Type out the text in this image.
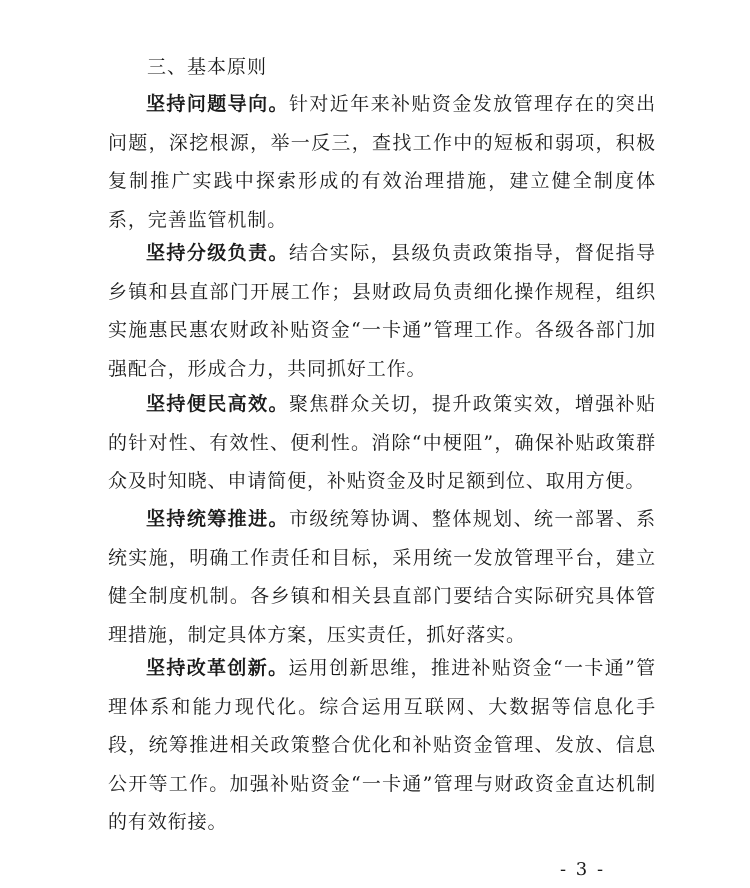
三、基本原则

坚持问题导向。针对近年来补贴资金发放管理存在的突出问题，深挖根源，举一反三，查找工作中的短板和弱项，积极复制推广实践中探索形成的有效治理措施，建立健全制度体系，完善监管机制。

坚持分级负责。结合实际，县级负责政策指导，督促指导乡镇和县直部门开展工作；县财政局负责细化操作规程，组织实施惠民惠农财政补贴资金“一卡通”管理工作。各级各部门加强配合，形成合力，共同抓好工作。

坚持便民高效。聚焦群众关切，提升政策实效，增强补贴的针对性、有效性、便利性。消除“中梗阻”，确保补贴政策群众及时知晓、申请简便，补贴资金及时足额到位、取用方便。

坚持统筹推进。市级统筹协调、整体规划、统一部署、系统实施，明确工作责任和目标，采用统一发放管理平台，建立健全制度机制。各乡镇和相关县直部门要结合实际研究具体管理措施，制定具体方案，压实责任，抓好落实。

坚持改革创新。运用创新思维，推进补贴资金“一卡通”管理体系和能力现代化。综合运用互联网、大数据等信息化手段，统筹推进相关政策整合优化和补贴资金管理、发放、信息公开等工作。加强补贴资金“一卡通”管理与财政资金直达机制的有效衔接。

- 3 -
